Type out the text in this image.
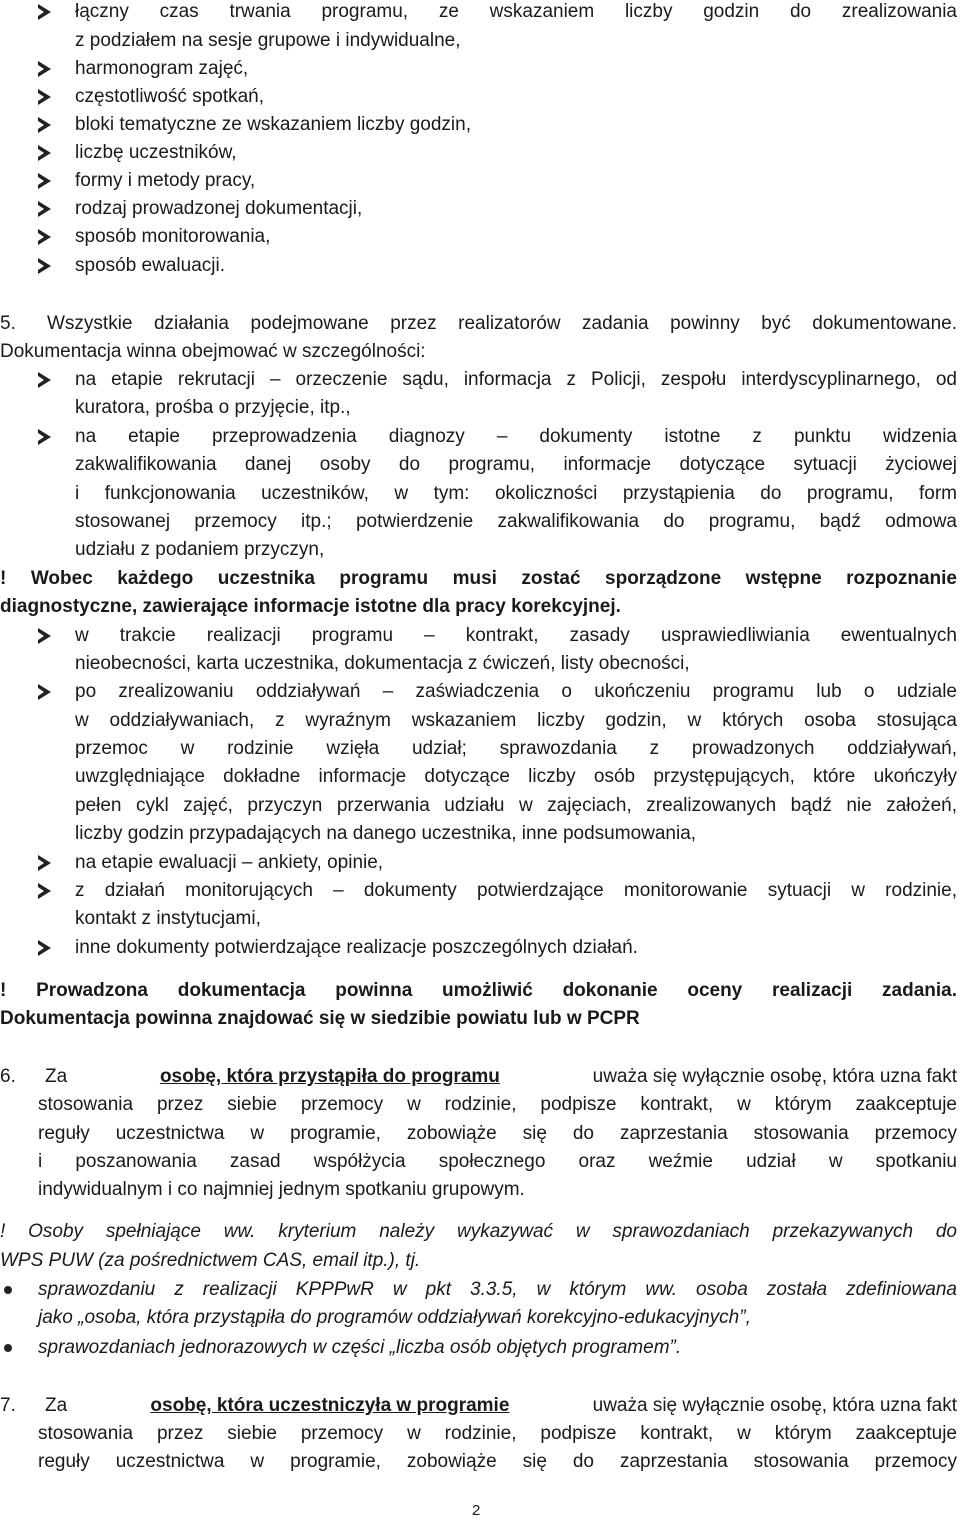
łączny czas trwania programu, ze wskazaniem liczby godzin do zrealizowania
z podziałem na sesje grupowe i indywidualne,
harmonogram zajęć,
częstotliwość spotkań,
bloki tematyczne ze wskazaniem liczby godzin,
liczbę uczestników,
formy i metody pracy,
rodzaj prowadzonej dokumentacji,
sposób monitorowania,
sposób ewaluacji.
5. Wszystkie działania podejmowane przez realizatorów zadania powinny być dokumentowane.
Dokumentacja winna obejmować w szczególności:
na etapie rekrutacji – orzeczenie sądu, informacja z Policji, zespołu interdyscyplinarnego, od
kuratora, prośba o przyjęcie, itp.,
na etapie przeprowadzenia diagnozy – dokumenty istotne z punktu widzenia
zakwalifikowania danej osoby do programu, informacje dotyczące sytuacji życiowej
i funkcjonowania uczestników, w tym: okoliczności przystąpienia do programu, form
stosowanej przemocy itp.; potwierdzenie zakwalifikowania do programu, bądź odmowa
udziału z podaniem przyczyn,
! Wobec każdego uczestnika programu musi zostać sporządzone wstępne rozpoznanie
diagnostyczne, zawierające informacje istotne dla pracy korekcyjnej.
w trakcie realizacji programu – kontrakt, zasady usprawiedliwiania ewentualnych
nieobecności, karta uczestnika, dokumentacja z ćwiczeń, listy obecności,
po zrealizowaniu oddziaływań – zaświadczenia o ukończeniu programu lub o udziale
w oddziaływaniach, z wyraźnym wskazaniem liczby godzin, w których osoba stosująca
przemoc w rodzinie wzięła udział; sprawozdania z prowadzonych oddziaływań,
uwzględniające dokładne informacje dotyczące liczby osób przystępujących, które ukończyły
pełen cykl zajęć, przyczyn przerwania udziału w zajęciach, zrealizowanych bądź nie założeń,
liczby godzin przypadających na danego uczestnika, inne podsumowania,
na etapie ewaluacji – ankiety, opinie,
z działań monitorujących – dokumenty potwierdzające monitorowanie sytuacji w rodzinie,
kontakt z instytucjami,
inne dokumenty potwierdzające realizacje poszczególnych działań.
! Prowadzona dokumentacja powinna umożliwić dokonanie oceny realizacji zadania.
Dokumentacja powinna znajdować się w siedzibie powiatu lub w PCPR
6. Za	osobę, która przystąpiła do programu	uważa się wyłącznie osobę, która uzna fakt
stosowania przez siebie przemocy w rodzinie, podpisze kontrakt, w którym zaakceptuje
reguły uczestnictwa w programie, zobowiąże się do zaprzestania stosowania przemocy
i poszanowania zasad współżycia społecznego oraz weźmie udział w spotkaniu
indywidualnym i co najmniej jednym spotkaniu grupowym.
! Osoby spełniające ww. kryterium należy wykazywać w sprawozdaniach przekazywanych do
WPS PUW (za pośrednictwem CAS, email itp.), tj.
sprawozdaniu z realizacji KPPPwR w pkt 3.3.5, w którym ww. osoba została zdefiniowana
jako „osoba, która przystąpiła do programów oddziaływań korekcyjno-edukacyjnych”,
sprawozdaniach jednorazowych w części „liczba osób objętych programem”.
7. Za	osobę, która uczestniczyła w programie	uważa się wyłącznie osobę, która uzna fakt
stosowania przez siebie przemocy w rodzinie, podpisze kontrakt, w którym zaakceptuje
reguły uczestnictwa w programie, zobowiąże się do zaprzestania stosowania przemocy
2
